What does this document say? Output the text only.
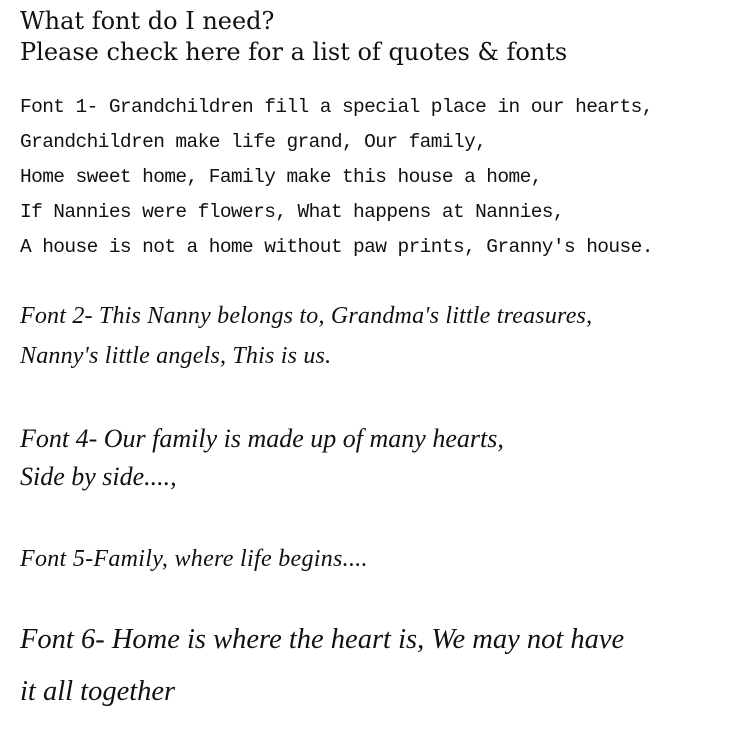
What font do I need?
Please check here for a list of quotes & fonts
Font 1- Grandchildren fill a special place in our hearts,
Grandchildren make life grand, Our family,
Home sweet home, Family make this house a home,
If Nannies were flowers, What happens at Nannies,
A house is not a home without paw prints, Granny's house.
Font 2- This Nanny belongs to, Grandma's little treasures,
Nanny's little angels, This is us.
Font 4- Our family is made up of many hearts,
Side by side....,
Font 5-Family, where life begins....
Font 6- Home is where the heart is, We may not have
it all together
